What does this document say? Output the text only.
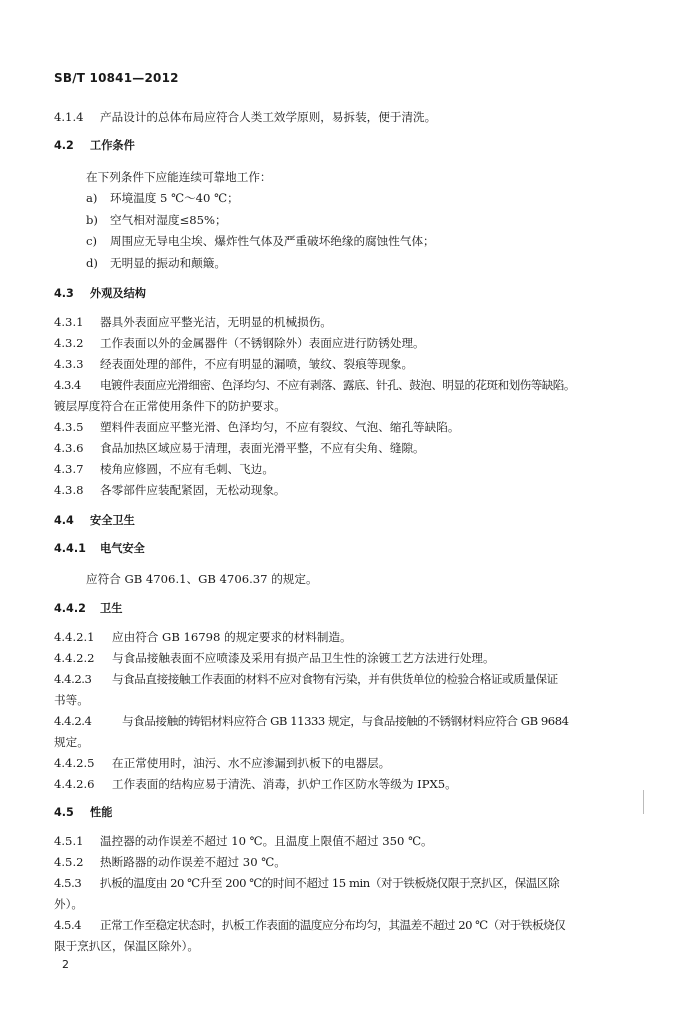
SB/T 10841—2012
4.1.4 产品设计的总体布局应符合人类工效学原则，易拆装，便于清洗。
4.2 工作条件
在下列条件下应能连续可靠地工作：
a) 环境温度 5 ℃～40 ℃；
b) 空气相对湿度≤85%；
c) 周围应无导电尘埃、爆炸性气体及严重破坏绝缘的腐蚀性气体；
d) 无明显的振动和颠簸。
4.3 外观及结构
4.3.1 器具外表面应平整光洁，无明显的机械损伤。
4.3.2 工作表面以外的金属器件（不锈钢除外）表面应进行防锈处理。
4.3.3 经表面处理的部件，不应有明显的漏喷，皱纹、裂痕等现象。
4.3.4 电镀件表面应光滑细密、色泽均匀、不应有剥落、露底、针孔、鼓泡、明显的花斑和划伤等缺陷。
镀层厚度符合在正常使用条件下的防护要求。
4.3.5 塑料件表面应平整光滑、色泽均匀，不应有裂纹、气泡、缩孔等缺陷。
4.3.6 食品加热区域应易于清理，表面光滑平整，不应有尖角、缝隙。
4.3.7 棱角应修圆，不应有毛刺、飞边。
4.3.8 各零部件应装配紧固，无松动现象。
4.4 安全卫生
4.4.1 电气安全
应符合 GB 4706.1、GB 4706.37 的规定。
4.4.2 卫生
4.4.2.1 应由符合 GB 16798 的规定要求的材料制造。
4.4.2.2 与食品接触表面不应喷漆及采用有损产品卫生性的涂镀工艺方法进行处理。
4.4.2.3 与食品直接接触工作表面的材料不应对食物有污染，并有供货单位的检验合格证或质量保证
书等。
4.4.2.4	与食品接触的铸铝材料应符合 GB 11333 规定，与食品接触的不锈钢材料应符合 GB 9684
规定。
4.4.2.5 在正常使用时，油污、水不应渗漏到扒板下的电器层。
4.4.2.6 工作表面的结构应易于清洗、消毒，扒炉工作区防水等级为 IPX5。
4.5 性能
4.5.1 温控器的动作误差不超过 10 ℃。且温度上限值不超过 350 ℃。
4.5.2 热断路器的动作误差不超过 30 ℃。
4.5.3 扒板的温度由 20 ℃升至 200 ℃的时间不超过 15 min（对于铁板烧仅限于烹扒区，保温区除
外）。
4.5.4 正常工作至稳定状态时，扒板工作表面的温度应分布均匀，其温差不超过 20 ℃（对于铁板烧仅
限于烹扒区，保温区除外）。
2
